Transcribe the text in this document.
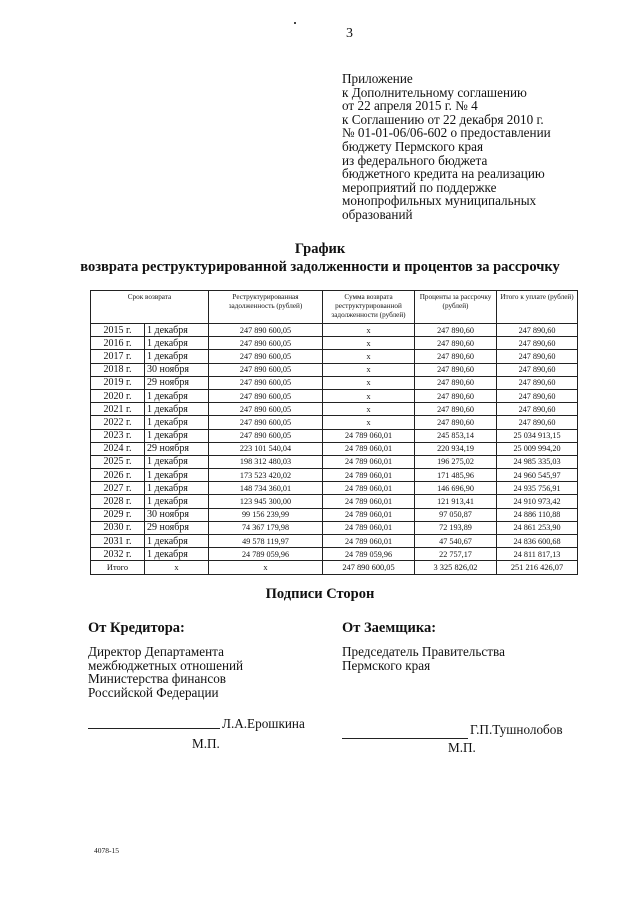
3
Приложение
к Дополнительному соглашению
от 22 апреля 2015 г. № 4
к Соглашению от 22 декабря 2010 г.
№ 01-01-06/06-602 о предоставлении
бюджету Пермского края
из федерального бюджета
бюджетного кредита на реализацию
мероприятий по поддержке
монопрофильных муниципальных
образований
График
возврата реструктурированной задолженности и процентов за рассрочку
Срок возврата		Реструктурированная задолженность (рублей)	Сумма возврата реструктурированной задолженности (рублей)	Проценты за рассрочку (рублей)	Итого к уплате (рублей)
2015 г.	1 декабря	247 890 600,05	x	247 890,60	247 890,60
2016 г.	1 декабря	247 890 600,05	x	247 890,60	247 890,60
2017 г.	1 декабря	247 890 600,05	x	247 890,60	247 890,60
2018 г.	30 ноября	247 890 600,05	x	247 890,60	247 890,60
2019 г.	29 ноября	247 890 600,05	x	247 890,60	247 890,60
2020 г.	1 декабря	247 890 600,05	x	247 890,60	247 890,60
2021 г.	1 декабря	247 890 600,05	x	247 890,60	247 890,60
2022 г.	1 декабря	247 890 600,05	x	247 890,60	247 890,60
2023 г.	1 декабря	247 890 600,05	24 789 060,01	245 853,14	25 034 913,15
2024 г.	29 ноября	223 101 540,04	24 789 060,01	220 934,19	25 009 994,20
2025 г.	1 декабря	198 312 480,03	24 789 060,01	196 275,02	24 985 335,03
2026 г.	1 декабря	173 523 420,02	24 789 060,01	171 485,96	24 960 545,97
2027 г.	1 декабря	148 734 360,01	24 789 060,01	146 696,90	24 935 756,91
2028 г.	1 декабря	123 945 300,00	24 789 060,01	121 913,41	24 910 973,42
2029 г.	30 ноября	99 156 239,99	24 789 060,01	97 050,87	24 886 110,88
2030 г.	29 ноября	74 367 179,98	24 789 060,01	72 193,89	24 861 253,90
2031 г.	1 декабря	49 578 119,97	24 789 060,01	47 540,67	24 836 600,68
2032 г.	1 декабря	24 789 059,96	24 789 059,96	22 757,17	24 811 817,13
Итого	x	x	247 890 600,05	3 325 826,02	251 216 426,07
Подписи Сторон
От Кредитора:	От Заемщика:
Директор Департамента
межбюджетных отношений
Министерства финансов
Российской Федерации
Председатель Правительства
Пермского края
Л.А.Ерошкина
М.П.
Г.П.Тушнолобов
М.П.
4078-15
